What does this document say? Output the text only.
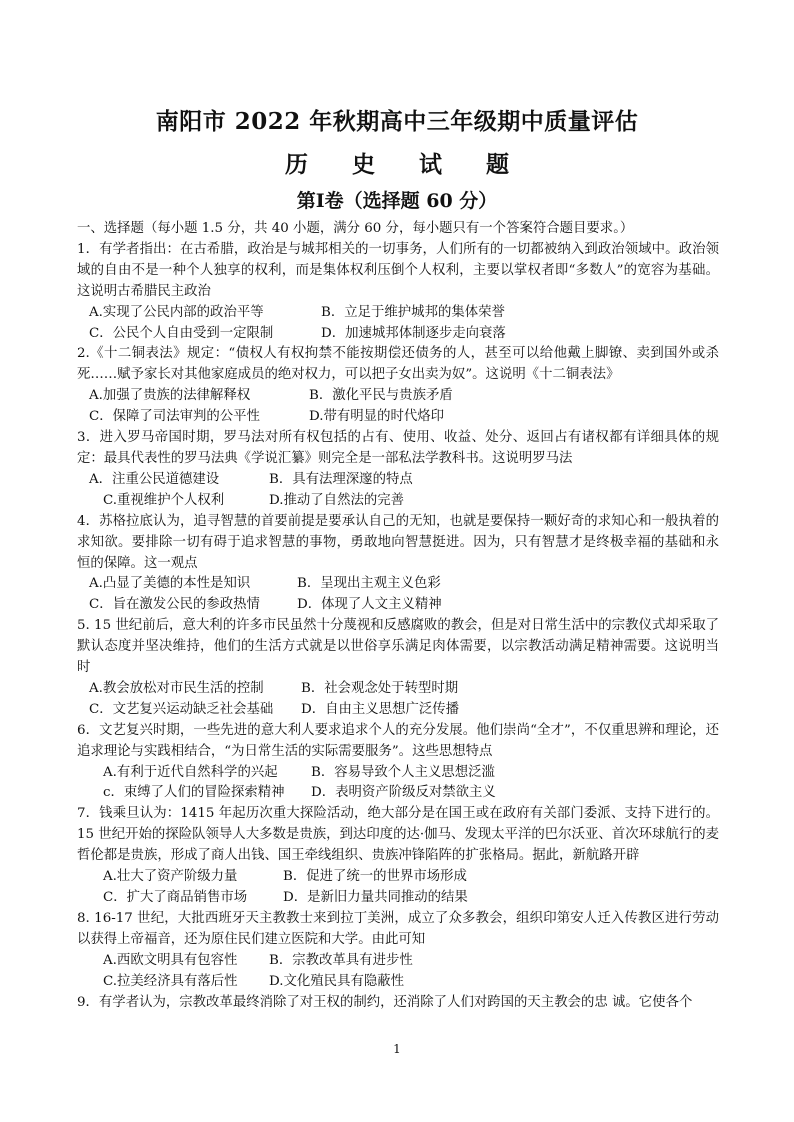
南阳市 2022 年秋期高中三年级期中质量评估
历 史 试 题
第Ⅰ卷（选择题 60 分）

一、选择题（每小题 1.5 分，共 40 小题，满分 60 分，每小题只有一个答案符合题目要求。）

1．有学者指出：在古希腊，政治是与城邦相关的一切事务，人们所有的一切都被纳入到政治领域中。政治领域的自由不是一种个人独享的权利，而是集体权利压倒个人权利，主要以掌权者即“多数人”的宽容为基础。这说明古希腊民主政治

A.实现了公民内部的政治平等	B．立足于维护城邦的集体荣誉

C．公民个人自由受到一定限制	D．加速城邦体制逐步走向衰落

2.《十二铜表法》规定：“债权人有权拘禁不能按期偿还债务的人，甚至可以给他戴上脚镣、卖到国外或杀死……赋予家长对其他家庭成员的绝对权力，可以把子女出卖为奴”。这说明《十二铜表法》

A.加强了贵族的法律解释权	B．激化平民与贵族矛盾

C．保障了司法审判的公平性	D.带有明显的时代烙印

3．进入罗马帝国时期，罗马法对所有权包括的占有、使用、收益、处分、返回占有诸权都有详细具体的规定：最具代表性的罗马法典《学说汇纂》则完全是一部私法学教科书。这说明罗马法

A．注重公民道德建设	B．具有法理深邃的特点

C.重视维护个人权利	D.推动了自然法的完善

4．苏格拉底认为，追寻智慧的首要前提是要承认自己的无知，也就是要保持一颗好奇的求知心和一般执着的求知欲。要排除一切有碍于追求智慧的事物，勇敢地向智慧挺进。因为，只有智慧才是终极幸福的基础和永恒的保障。这一观点

A.凸显了美德的本性是知识	B．呈现出主观主义色彩

C．旨在激发公民的参政热情	D．体现了人文主义精神

5. 15 世纪前后，意大利的许多市民虽然十分蔑视和反感腐败的教会，但是对日常生活中的宗教仪式却采取了默认态度并坚决维持，他们的生活方式就是以世俗享乐满足肉体需要，以宗教活动满足精神需要。这说明当时

A.教会放松对市民生活的控制	B．社会观念处于转型时期

C．文艺复兴运动缺乏社会基础 D．自由主义思想广泛传播

6．文艺复兴时期，一些先进的意大利人要求追求个人的充分发展。他们崇尚“全才”，不仅重思辨和理论，还追求理论与实践相结合，“为日常生活的实际需要服务”。这些思想特点

A.有利于近代自然科学的兴起 B．容易导致个人主义思想泛滥

c．束缚了人们的冒险探索精神 D．表明资产阶级反对禁欲主义

7．钱乘旦认为：1415 年起历次重大探险活动，绝大部分是在国王或在政府有关部门委派、支持下进行的。15 世纪开始的探险队领导人大多数是贵族，到达印度的达·伽马、发现太平洋的巴尔沃亚、首次环球航行的麦哲伦都是贵族，形成了商人出钱、国王牵线组织、贵族冲锋陷阵的扩张格局。据此，新航路开辟

A.壮大了资产阶级力量	B．促进了统一的世界市场形成

C．扩大了商品销售市场	D．是新旧力量共同推动的结果

8. 16-17 世纪，大批西班牙天主教教士来到拉丁美洲，成立了众多教会，组织印第安人迁入传教区进行劳动以获得上帝福音，还为原住民们建立医院和大学。由此可知

A.西欧文明具有包容性 B．宗教改革具有进步性

C.拉美经济具有落后性 D.文化殖民具有隐蔽性

9．有学者认为，宗教改革最终消除了对王权的制约，还消除了人们对跨国的天主教会的忠 诚。它使各个

1
